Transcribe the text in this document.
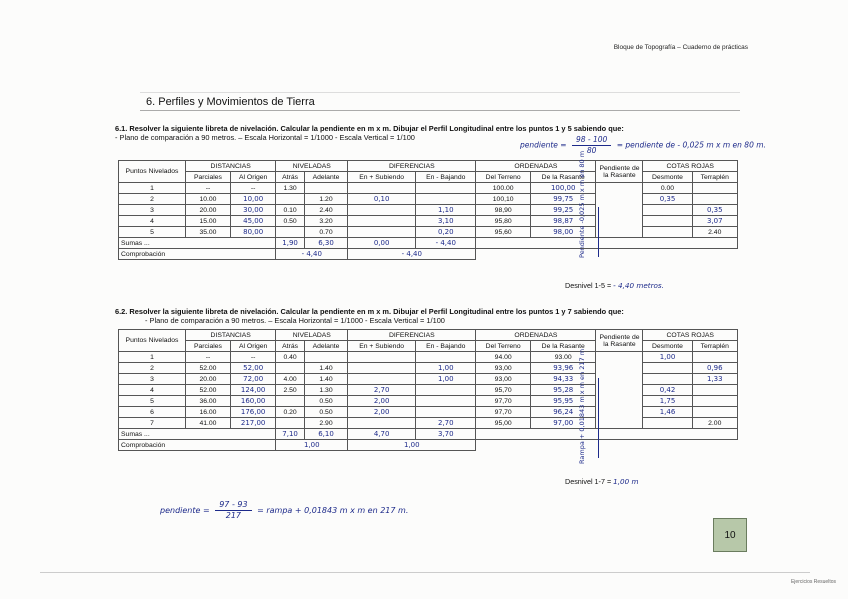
Bloque de Topografía – Cuaderno de prácticas
6. Perfiles y Movimientos de Tierra
6.1. Resolver la siguiente libreta de nivelación. Calcular la pendiente en m x m. Dibujar el Perfil Longitudinal entre los puntos 1 y 5 sabiendo que:
- Plano de comparación a 90 metros. – Escala Horizontal = 1/1000 - Escala Vertical = 1/100
pendiente = $\frac{98 - 100}{80}$ = pendiente de - 0,025 m x m en 80 m.
Puntos Nivelados	DISTANCIAS		NIVELADAS		DIFERENCIAS		ORDENADAS		Pendiente de la Rasante	COTAS ROJAS	
	Parciales	Al Origen	Atrás	Adelante	En + Subiendo	En - Bajando	Del Terreno	De la Rasante		Desmonte	Terraplén
1	--	--	1.30				100.00	100,00		0.00	
2	10.00	10,00		1.20	0,10		100,10	99,75		0,35	
3	20.00	30,00	0.10	2.40		1,10	98,90	99,25			0,35
4	15.00	45,00	0.50	3.20		3,10	95,80	98,87			3,07
5	35.00	80,00		0.70		0,20	95,60	98,00			2.40
Sumas ...			1,90	6,30	0,00	- 4,40					
Comprobación			- 4,40		- 4,40						
Desnivel 1-5 = - 4,40 metros.
Pendiente -0,025 m x m en 80 m
6.2. Resolver la siguiente libreta de nivelación. Calcular la pendiente en m x m. Dibujar el Perfil Longitudinal entre los puntos 1 y 7 sabiendo que:
- Plano de comparación a 90 metros. – Escala Horizontal = 1/1000 - Escala Vertical = 1/100
Puntos Nivelados	DISTANCIAS		NIVELADAS		DIFERENCIAS		ORDENADAS		Pendiente de la Rasante	COTAS ROJAS	
	Parciales	Al Origen	Atrás	Adelante	En + Subiendo	En - Bajando	Del Terreno	De la Rasante		Desmonte	Terraplén
1	--	--	0.40				94.00	93.00		1,00	
2	52.00	52,00		1.40		1,00	93,00	93,96			0,96
3	20.00	72,00	4.00	1.40		1,00	93,00	94,33			1,33
4	52.00	124,00	2.50	1.30	2,70		95,70	95,28		0,42	
5	36.00	160,00		0.50	2,00		97,70	95,95		1,75	
6	16.00	176,00	0.20	0.50	2,00		97,70	96,24		1,46	
7	41.00	217,00		2.90		2,70	95,00	97,00			2.00
Sumas ...			7,10	6,10	4,70	3,70					
Comprobación			1,00		1,00						
Desnivel 1-7 = 1,00 m
Rampa + 0,01843 m x m en 217 m
pendiente = $\frac{97 - 93}{217}$ = rampa + 0,01843 m x m en 217 m.
10
Ejercicios Resueltos
